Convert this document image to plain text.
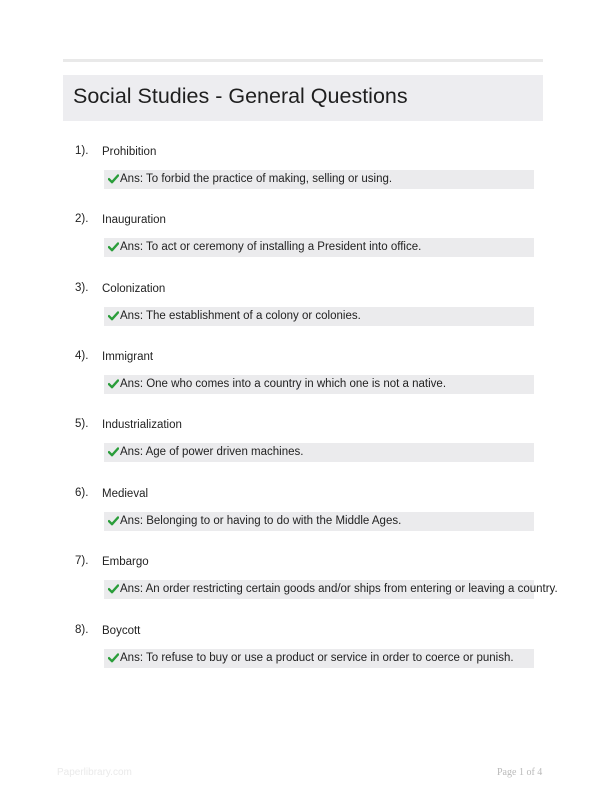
Social Studies - General Questions
1). Prohibition
Ans: To forbid the practice of making, selling or using.
2). Inauguration
Ans: To act or ceremony of installing a President into office.
3). Colonization
Ans: The establishment of a colony or colonies.
4). Immigrant
Ans: One who comes into a country in which one is not a native.
5). Industrialization
Ans: Age of power driven machines.
6). Medieval
Ans: Belonging to or having to do with the Middle Ages.
7). Embargo
Ans: An order restricting certain goods and/or ships from entering or leaving a country.
8). Boycott
Ans: To refuse to buy or use a product or service in order to coerce or punish.
Paperlibrary.com	Page 1 of 4
